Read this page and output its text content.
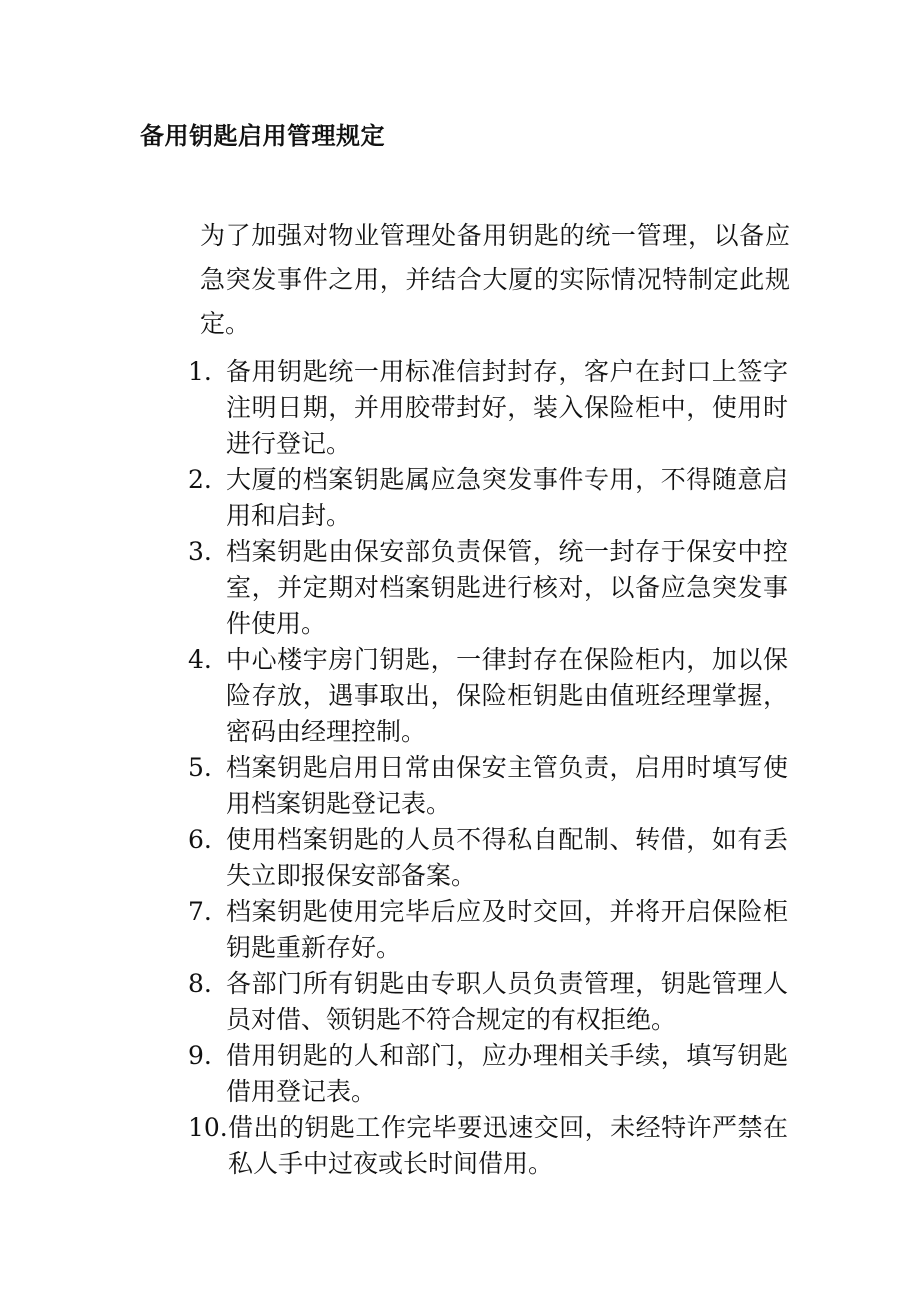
备用钥匙启用管理规定

为了加强对物业管理处备用钥匙的统一管理，以备应急突发事件之用，并结合大厦的实际情况特制定此规定。

1. 备用钥匙统一用标准信封封存，客户在封口上签字注明日期，并用胶带封好，装入保险柜中，使用时进行登记。
2. 大厦的档案钥匙属应急突发事件专用，不得随意启用和启封。
3. 档案钥匙由保安部负责保管，统一封存于保安中控室，并定期对档案钥匙进行核对，以备应急突发事件使用。
4. 中心楼宇房门钥匙，一律封存在保险柜内，加以保险存放，遇事取出，保险柜钥匙由值班经理掌握，密码由经理控制。
5. 档案钥匙启用日常由保安主管负责，启用时填写使用档案钥匙登记表。
6. 使用档案钥匙的人员不得私自配制、转借，如有丢失立即报保安部备案。
7. 档案钥匙使用完毕后应及时交回，并将开启保险柜钥匙重新存好。
8. 各部门所有钥匙由专职人员负责管理，钥匙管理人员对借、领钥匙不符合规定的有权拒绝。
9. 借用钥匙的人和部门，应办理相关手续，填写钥匙借用登记表。
10. 借出的钥匙工作完毕要迅速交回，未经特许严禁在私人手中过夜或长时间借用。
